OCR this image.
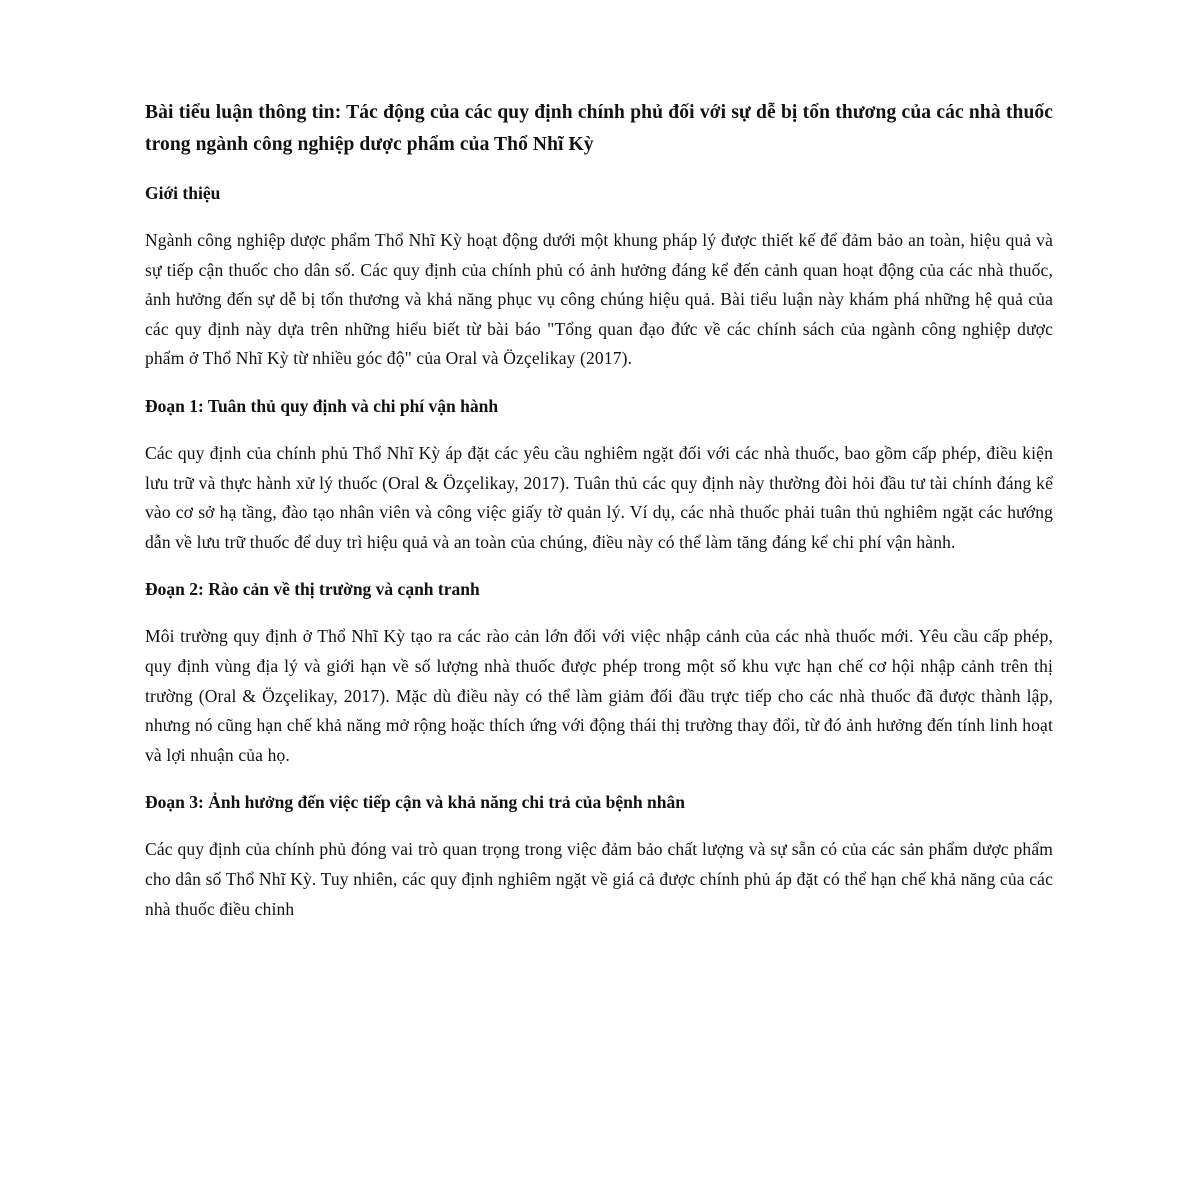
Bài tiểu luận thông tin: Tác động của các quy định chính phủ đối với sự dễ bị tổn thương của các nhà thuốc trong ngành công nghiệp dược phẩm của Thổ Nhĩ Kỳ
Giới thiệu

Ngành công nghiệp dược phẩm Thổ Nhĩ Kỳ hoạt động dưới một khung pháp lý được thiết kế để đảm bảo an toàn, hiệu quả và sự tiếp cận thuốc cho dân số. Các quy định của chính phủ có ảnh hưởng đáng kể đến cảnh quan hoạt động của các nhà thuốc, ảnh hưởng đến sự dễ bị tổn thương và khả năng phục vụ công chúng hiệu quả. Bài tiểu luận này khám phá những hệ quả của các quy định này dựa trên những hiểu biết từ bài báo "Tổng quan đạo đức về các chính sách của ngành công nghiệp dược phẩm ở Thổ Nhĩ Kỳ từ nhiều góc độ" của Oral và Özçelikay (2017).

Đoạn 1: Tuân thủ quy định và chi phí vận hành

Các quy định của chính phủ Thổ Nhĩ Kỳ áp đặt các yêu cầu nghiêm ngặt đối với các nhà thuốc, bao gồm cấp phép, điều kiện lưu trữ và thực hành xử lý thuốc (Oral & Özçelikay, 2017). Tuân thủ các quy định này thường đòi hỏi đầu tư tài chính đáng kể vào cơ sở hạ tầng, đào tạo nhân viên và công việc giấy tờ quản lý. Ví dụ, các nhà thuốc phải tuân thủ nghiêm ngặt các hướng dẫn về lưu trữ thuốc để duy trì hiệu quả và an toàn của chúng, điều này có thể làm tăng đáng kể chi phí vận hành.

Đoạn 2: Rào cản về thị trường và cạnh tranh

Môi trường quy định ở Thổ Nhĩ Kỳ tạo ra các rào cản lớn đối với việc nhập cảnh của các nhà thuốc mới. Yêu cầu cấp phép, quy định vùng địa lý và giới hạn về số lượng nhà thuốc được phép trong một số khu vực hạn chế cơ hội nhập cảnh trên thị trường (Oral & Özçelikay, 2017). Mặc dù điều này có thể làm giảm đối đầu trực tiếp cho các nhà thuốc đã được thành lập, nhưng nó cũng hạn chế khả năng mở rộng hoặc thích ứng với động thái thị trường thay đổi, từ đó ảnh hưởng đến tính linh hoạt và lợi nhuận của họ.

Đoạn 3: Ảnh hưởng đến việc tiếp cận và khả năng chi trả của bệnh nhân

Các quy định của chính phủ đóng vai trò quan trọng trong việc đảm bảo chất lượng và sự sẵn có của các sản phẩm dược phẩm cho dân số Thổ Nhĩ Kỳ. Tuy nhiên, các quy định nghiêm ngặt về giá cả được chính phủ áp đặt có thể hạn chế khả năng của các nhà thuốc điều chỉnh
